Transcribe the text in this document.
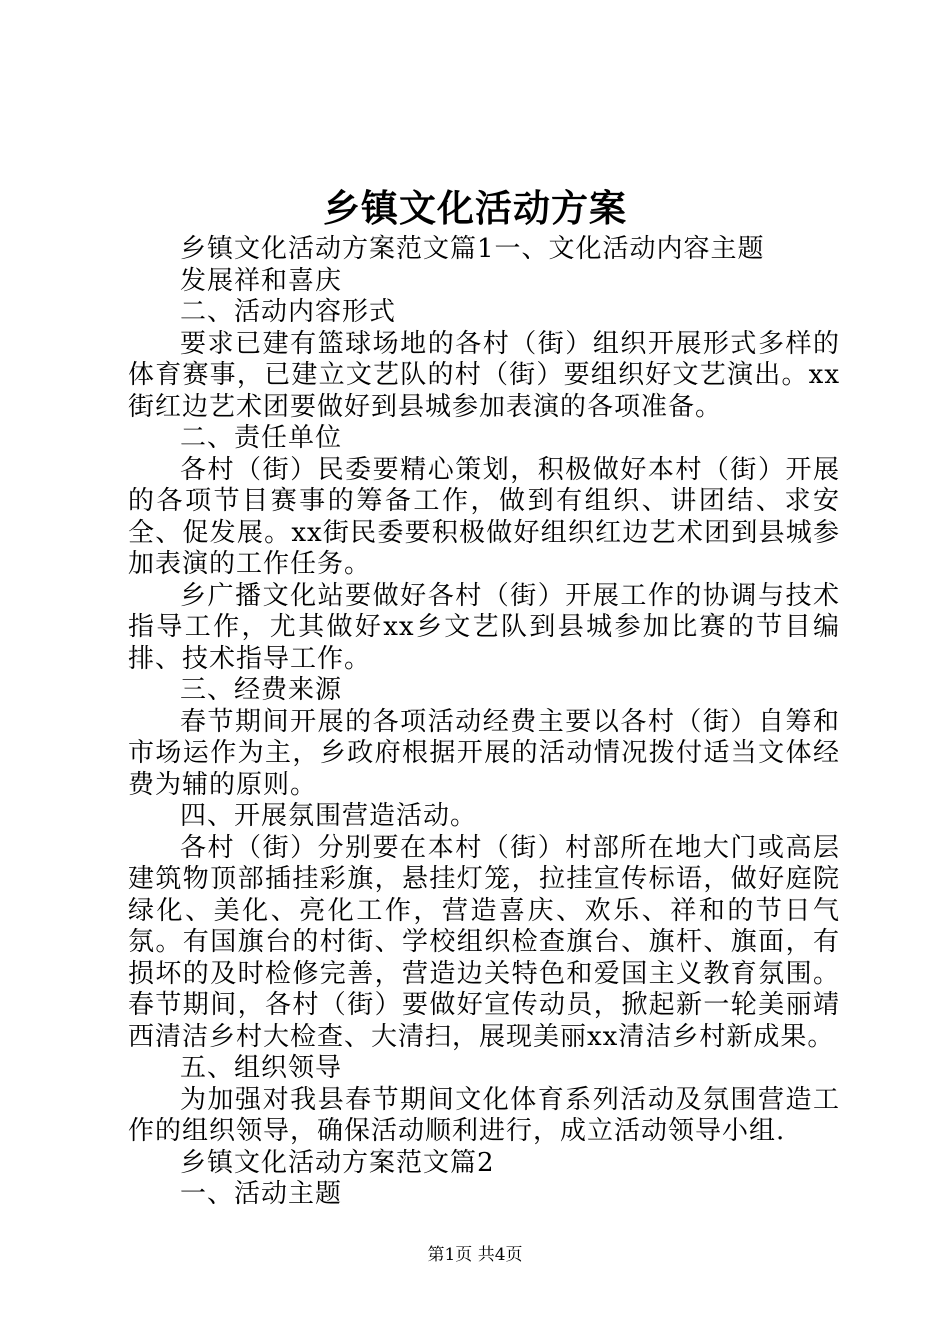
乡镇文化活动方案

乡镇文化活动方案范文篇1一、文化活动内容主题

发展祥和喜庆

二、活动内容形式

要求已建有篮球场地的各村（街）组织开展形式多样的体育赛事，已建立文艺队的村（街）要组织好文艺演出。xx街红边艺术团要做好到县城参加表演的各项准备。

二、责任单位

各村（街）民委要精心策划，积极做好本村（街）开展的各项节目赛事的筹备工作，做到有组织、讲团结、求安全、促发展。xx街民委要积极做好组织红边艺术团到县城参加表演的工作任务。

乡广播文化站要做好各村（街）开展工作的协调与技术指导工作，尤其做好xx乡文艺队到县城参加比赛的节目编排、技术指导工作。

三、经费来源

春节期间开展的各项活动经费主要以各村（街）自筹和市场运作为主，乡政府根据开展的活动情况拨付适当文体经费为辅的原则。

四、开展氛围营造活动。

各村（街）分别要在本村（街）村部所在地大门或高层建筑物顶部插挂彩旗，悬挂灯笼，拉挂宣传标语，做好庭院绿化、美化、亮化工作，营造喜庆、欢乐、祥和的节日气氛。有国旗台的村街、学校组织检查旗台、旗杆、旗面，有损坏的及时检修完善，营造边关特色和爱国主义教育氛围。春节期间，各村（街）要做好宣传动员，掀起新一轮美丽靖西清洁乡村大检查、大清扫，展现美丽xx清洁乡村新成果。

五、组织领导

为加强对我县春节期间文化体育系列活动及氛围营造工作的组织领导，确保活动顺利进行，成立活动领导小组.

乡镇文化活动方案范文篇2

一、活动主题

第1页 共4页
